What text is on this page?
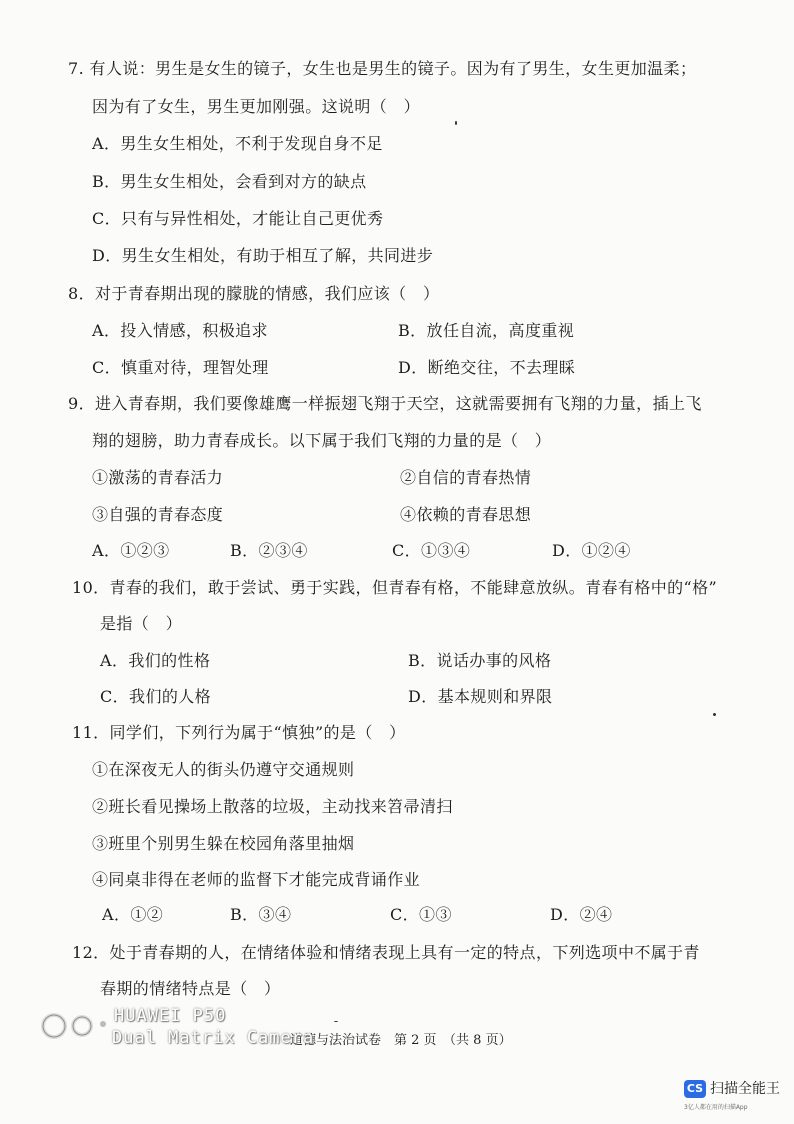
7. 有人说：男生是女生的镜子，女生也是男生的镜子。因为有了男生，女生更加温柔；
因为有了女生，男生更加刚强。这说明（　）
A．男生女生相处，不利于发现自身不足
B．男生女生相处，会看到对方的缺点
C．只有与异性相处，才能让自己更优秀
D．男生女生相处，有助于相互了解，共同进步
8．对于青春期出现的朦胧的情感，我们应该（　）
A．投入情感，积极追求	B．放任自流，高度重视
C．慎重对待，理智处理	D．断绝交往，不去理睬
9．进入青春期，我们要像雄鹰一样振翅飞翔于天空，这就需要拥有飞翔的力量，插上飞
翔的翅膀，助力青春成长。以下属于我们飞翔的力量的是（　）
①激荡的青春活力	②自信的青春热情
③自强的青春态度	④依赖的青春思想
A．①②③	B．②③④	C．①③④	D．①②④
10．青春的我们，敢于尝试、勇于实践，但青春有格，不能肆意放纵。青春有格中的“格”
是指（　）
A．我们的性格	B．说话办事的风格
C．我们的人格	D．基本规则和界限
11．同学们，下列行为属于“慎独”的是（　）
①在深夜无人的街头仍遵守交通规则
②班长看见操场上散落的垃圾，主动找来笤帚清扫
③班里个别男生躲在校园角落里抽烟
④同桌非得在老师的监督下才能完成背诵作业
A．①②	B．③④	C．①③	D．②④
12．处于青春期的人，在情绪体验和情绪表现上具有一定的特点，下列选项中不属于青
春期的情绪特点是（　）
道德与法治试卷　第 2 页　（共 8 页）
HUAWEI P50
Dual Matrix Camera
CS 扫描全能王
3亿人都在用的扫描App
